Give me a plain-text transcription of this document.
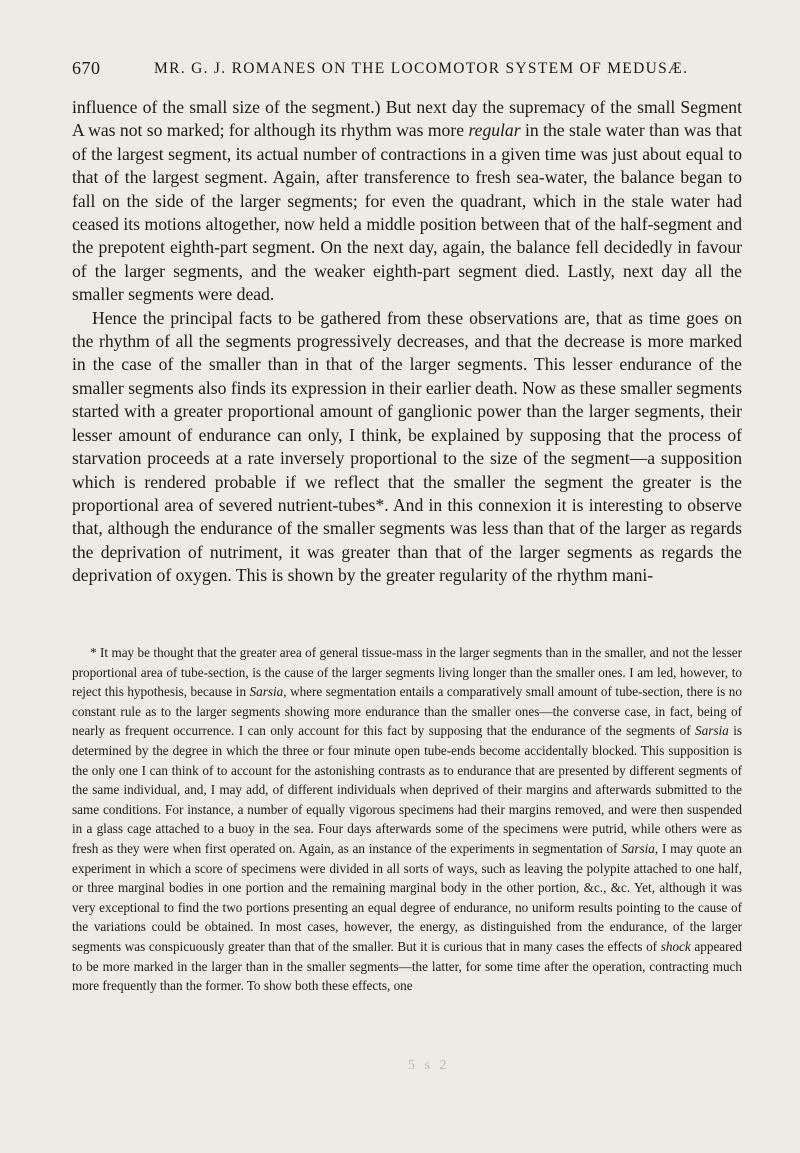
670	MR. G. J. ROMANES ON THE LOCOMOTOR SYSTEM OF MEDUSÆ.

influence of the small size of the segment.) But next day the supremacy of the small Segment A was not so marked; for although its rhythm was more regular in the stale water than was that of the largest segment, its actual number of contractions in a given time was just about equal to that of the largest segment. Again, after transference to fresh sea-water, the balance began to fall on the side of the larger segments; for even the quadrant, which in the stale water had ceased its motions altogether, now held a middle position between that of the half-segment and the prepotent eighth-part segment. On the next day, again, the balance fell decidedly in favour of the larger segments, and the weaker eighth-part segment died. Lastly, next day all the smaller segments were dead.

Hence the principal facts to be gathered from these observations are, that as time goes on the rhythm of all the segments progressively decreases, and that the decrease is more marked in the case of the smaller than in that of the larger segments. This lesser endurance of the smaller segments also finds its expression in their earlier death. Now as these smaller segments started with a greater proportional amount of ganglionic power than the larger segments, their lesser amount of endurance can only, I think, be explained by supposing that the process of starvation proceeds at a rate inversely proportional to the size of the segment—a supposition which is rendered probable if we reflect that the smaller the segment the greater is the proportional area of severed nutrient-tubes*. And in this connexion it is interesting to observe that, although the endurance of the smaller segments was less than that of the larger as regards the deprivation of nutriment, it was greater than that of the larger segments as regards the deprivation of oxygen. This is shown by the greater regularity of the rhythm mani-

* It may be thought that the greater area of general tissue-mass in the larger segments than in the smaller, and not the lesser proportional area of tube-section, is the cause of the larger segments living longer than the smaller ones. I am led, however, to reject this hypothesis, because in Sarsia, where segmentation entails a comparatively small amount of tube-section, there is no constant rule as to the larger segments showing more endurance than the smaller ones—the converse case, in fact, being of nearly as frequent occurrence. I can only account for this fact by supposing that the endurance of the segments of Sarsia is determined by the degree in which the three or four minute open tube-ends become accidentally blocked. This supposition is the only one I can think of to account for the astonishing contrasts as to endurance that are presented by different segments of the same individual, and, I may add, of different individuals when deprived of their margins and afterwards submitted to the same conditions. For instance, a number of equally vigorous specimens had their margins removed, and were then suspended in a glass cage attached to a buoy in the sea. Four days afterwards some of the specimens were putrid, while others were as fresh as they were when first operated on. Again, as an instance of the experiments in segmentation of Sarsia, I may quote an experiment in which a score of specimens were divided in all sorts of ways, such as leaving the polypite attached to one half, or three marginal bodies in one portion and the remaining marginal body in the other portion, &c., &c. Yet, although it was very exceptional to find the two portions presenting an equal degree of endurance, no uniform results pointing to the cause of the variations could be obtained. In most cases, however, the energy, as distinguished from the endurance, of the larger segments was conspicuously greater than that of the smaller. But it is curious that in many cases the effects of shock appeared to be more marked in the larger than in the smaller segments—the latter, for some time after the operation, contracting much more frequently than the former. To show both these effects, one

5 s 2
